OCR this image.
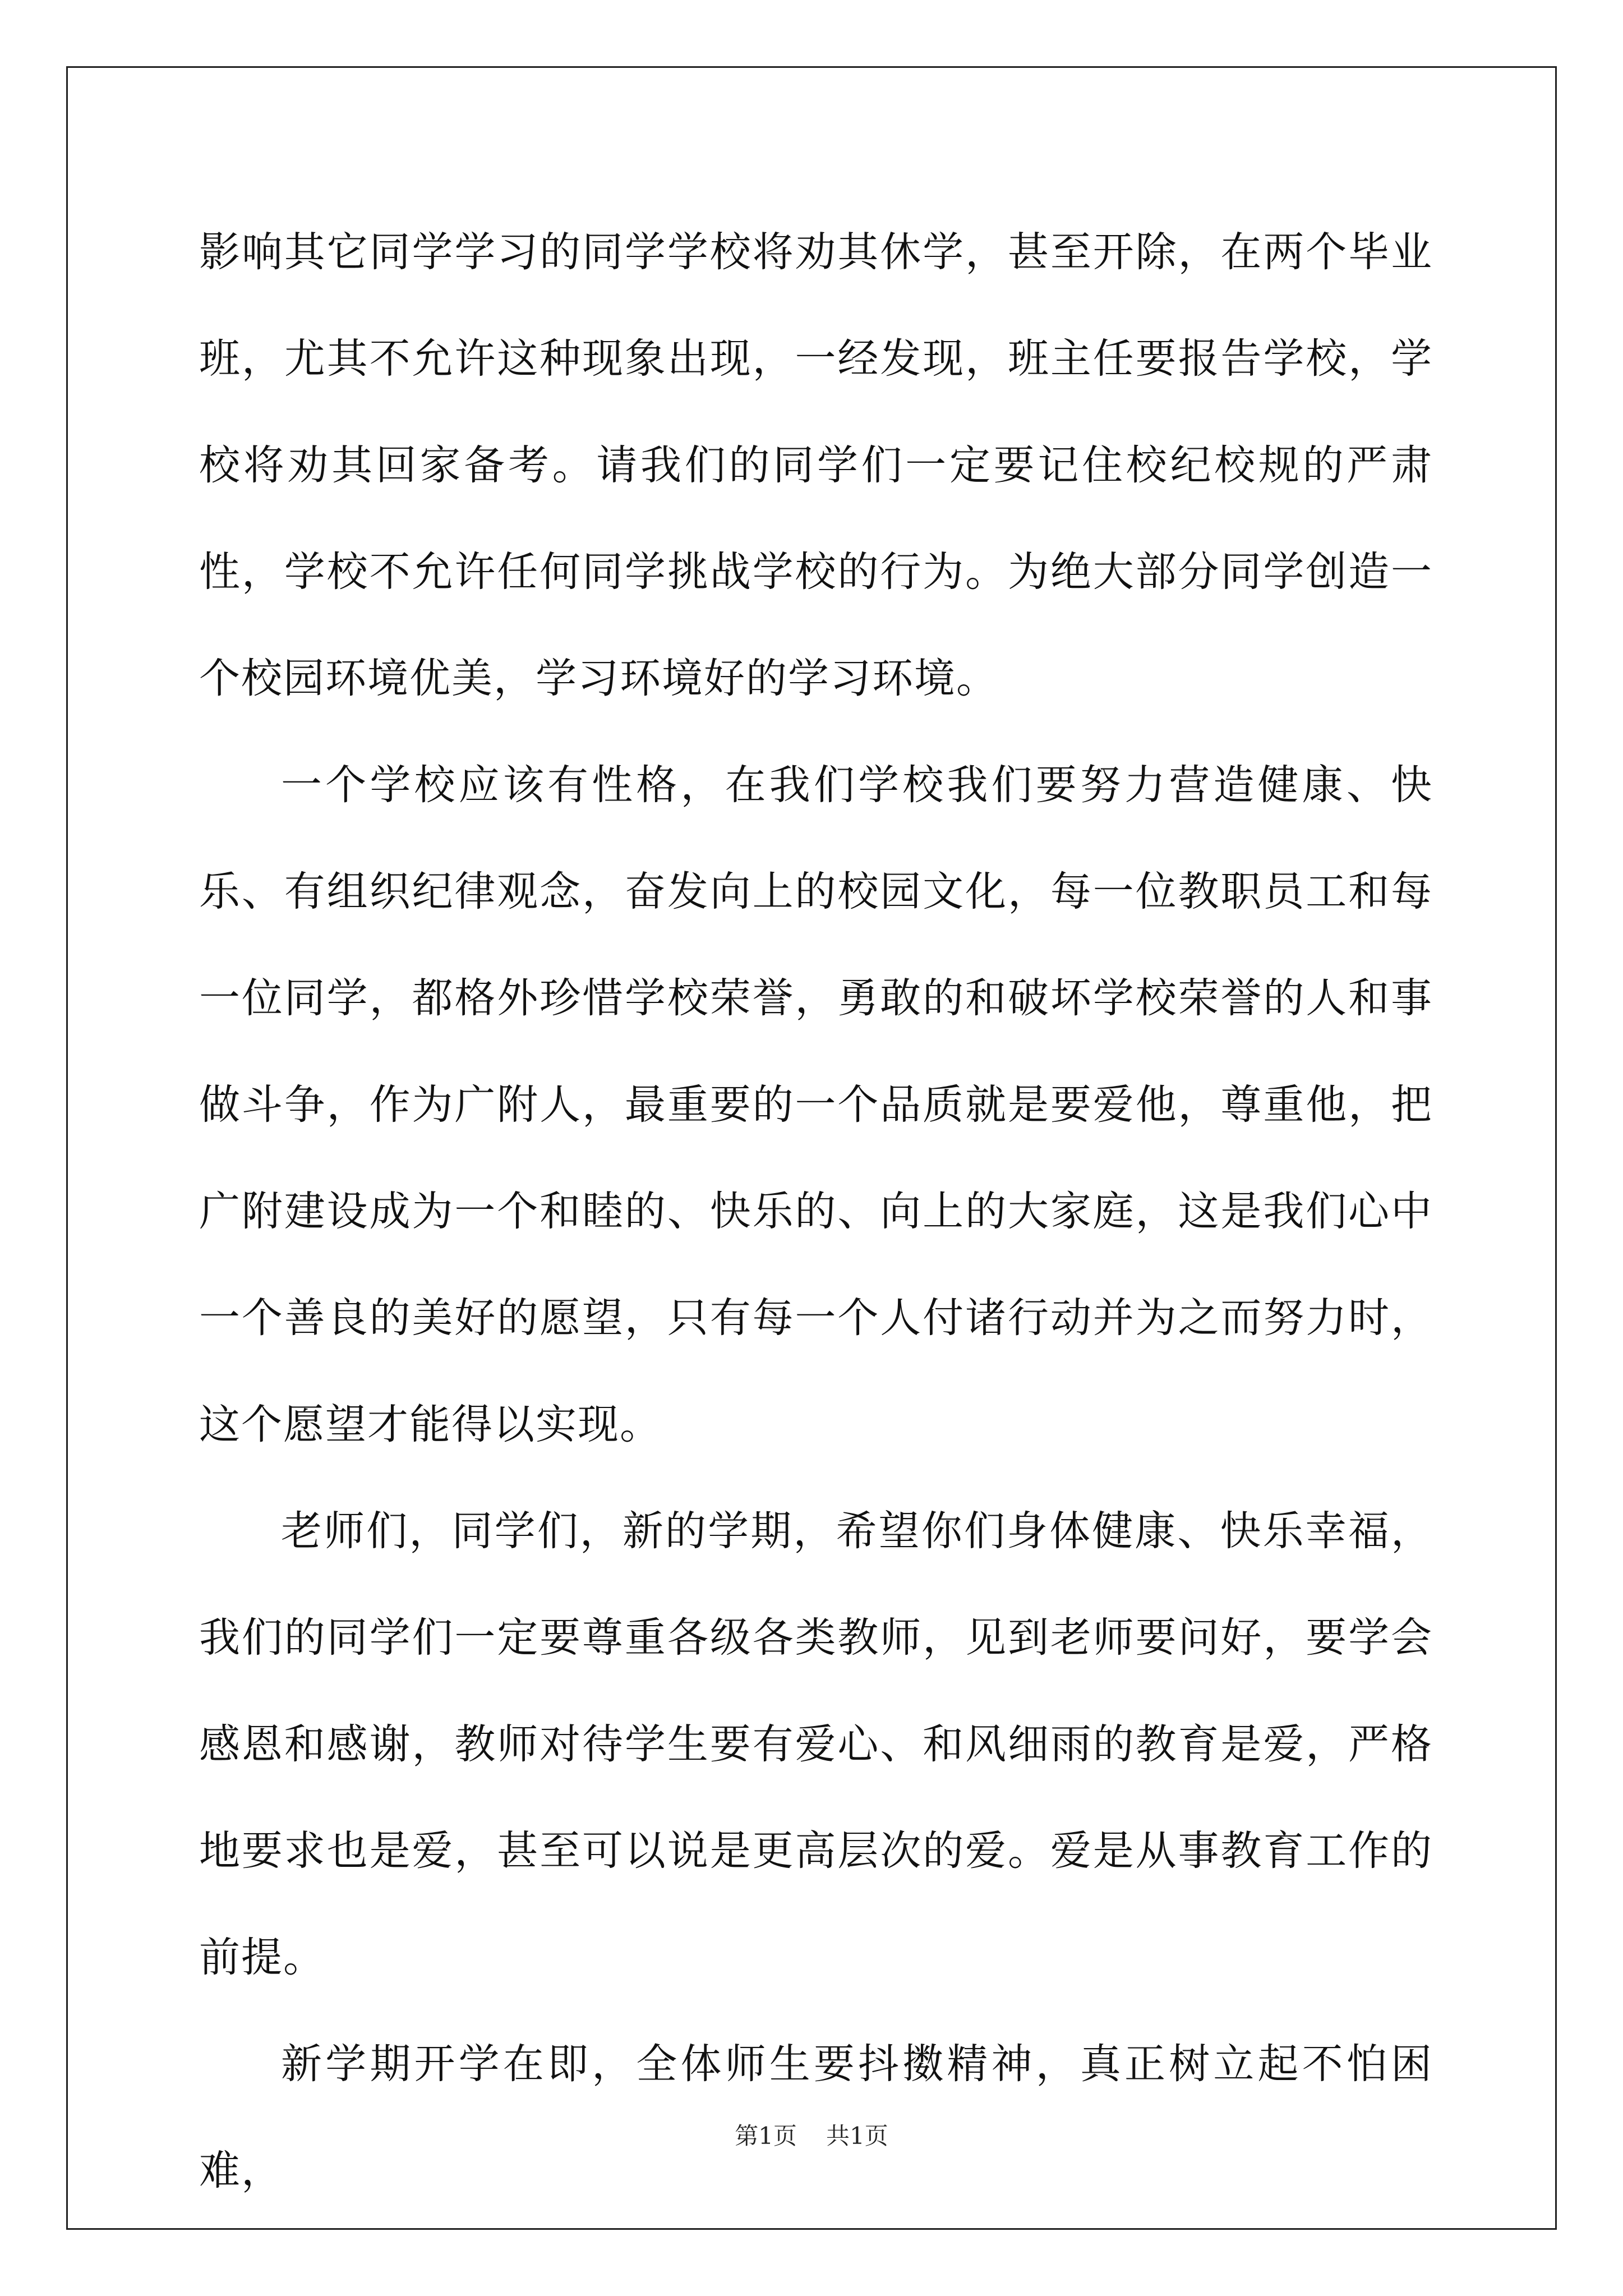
影响其它同学学习的同学学校将劝其休学，甚至开除，在两个毕业班，尤其不允许这种现象出现，一经发现，班主任要报告学校，学校将劝其回家备考。请我们的同学们一定要记住校纪校规的严肃性，学校不允许任何同学挑战学校的行为。为绝大部分同学创造一个校园环境优美，学习环境好的学习环境。

一个学校应该有性格，在我们学校我们要努力营造健康、快乐、有组织纪律观念，奋发向上的校园文化，每一位教职员工和每一位同学，都格外珍惜学校荣誉，勇敢的和破坏学校荣誉的人和事做斗争，作为广附人，最重要的一个品质就是要爱他，尊重他，把广附建设成为一个和睦的、快乐的、向上的大家庭，这是我们心中一个善良的美好的愿望，只有每一个人付诸行动并为之而努力时，这个愿望才能得以实现。

老师们，同学们，新的学期，希望你们身体健康、快乐幸福，我们的同学们一定要尊重各级各类教师，见到老师要问好，要学会感恩和感谢，教师对待学生要有爱心、和风细雨的教育是爱，严格地要求也是爱，甚至可以说是更高层次的爱。爱是从事教育工作的前提。

新学期开学在即，全体师生要抖擞精神，真正树立起不怕困难，

第1页 共1页
